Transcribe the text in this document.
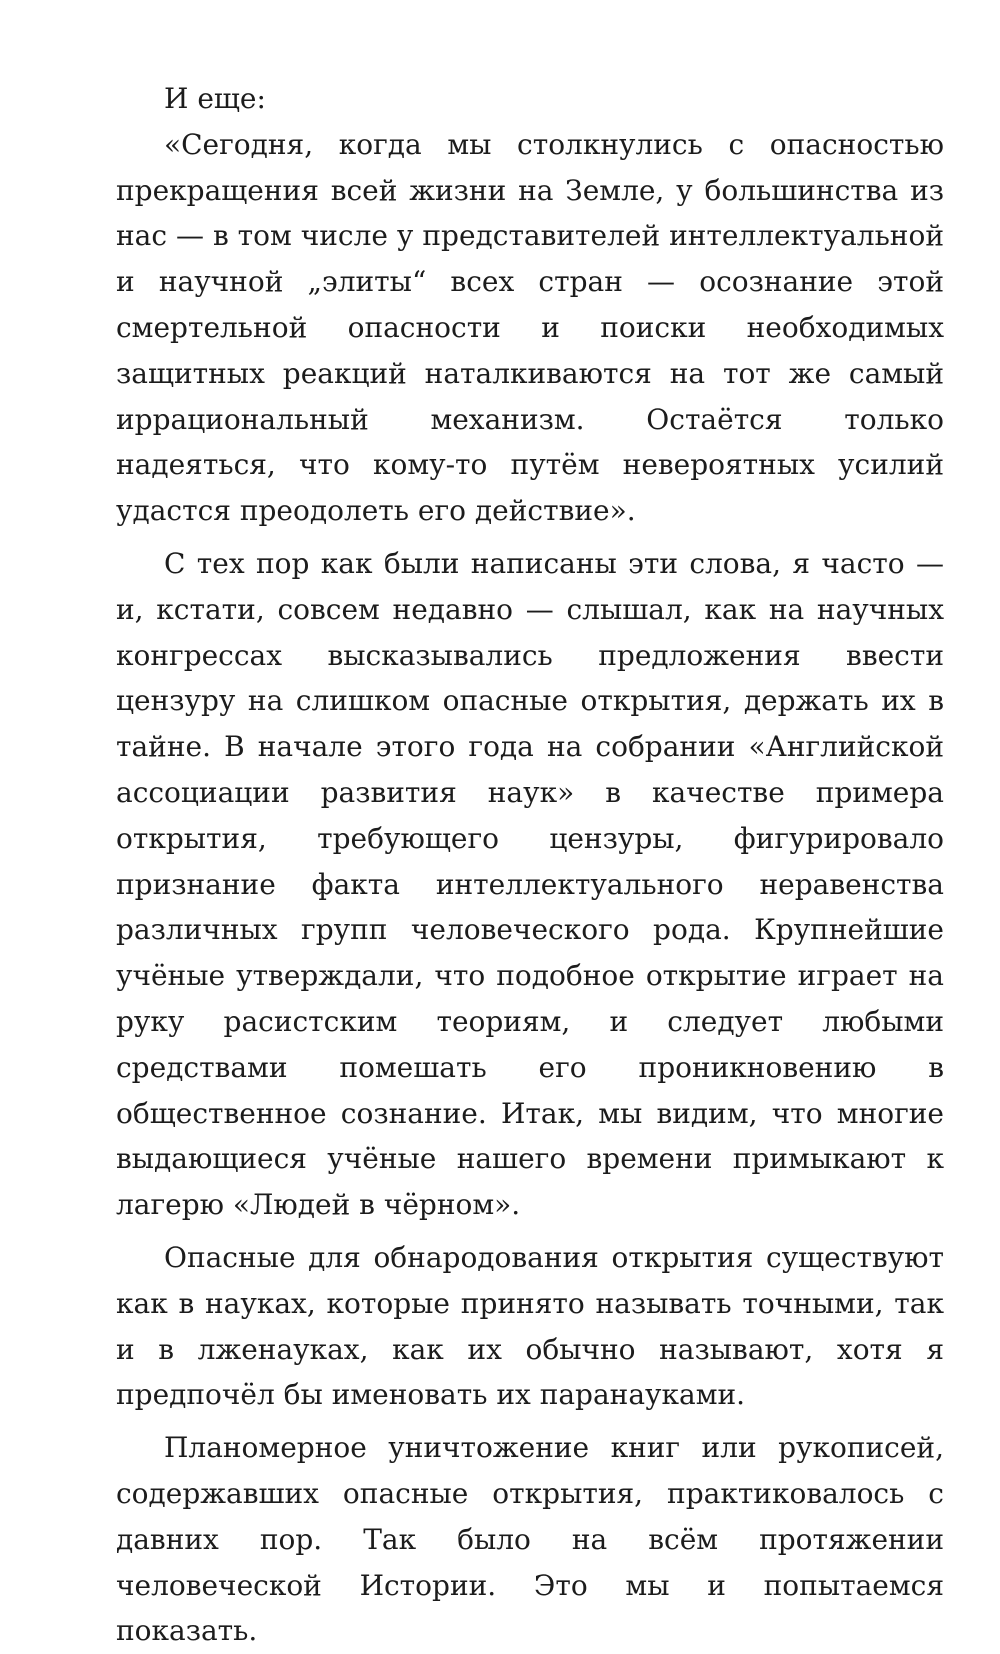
И еще:

«Сегодня, когда мы столкнулись с опасностью прекращения всей жизни на Земле, у большинства из нас — в том числе у представителей интеллектуальной и научной „элиты“ всех стран — осознание этой смертельной опасности и поиски необходимых защитных реакций наталкиваются на тот же самый иррациональный механизм. Остаётся только надеяться, что кому-то путём невероятных усилий удастся преодолеть его действие».

С тех пор как были написаны эти слова, я часто — и, кстати, совсем недавно — слышал, как на научных конгрессах высказывались предложения ввести цензуру на слишком опасные открытия, держать их в тайне. В начале этого года на собрании «Английской ассоциации развития наук» в качестве примера открытия, требующего цензуры, фигурировало признание факта интеллектуального неравенства различных групп человеческого рода. Крупнейшие учёные утверждали, что подобное открытие играет на руку расистским теориям, и следует любыми средствами помешать его проникновению в общественное сознание. Итак, мы видим, что многие выдающиеся учёные нашего времени примыкают к лагерю «Людей в чёрном».

Опасные для обнародования открытия существуют как в науках, которые принято называть точными, так и в лженауках, как их обычно называют, хотя я предпочёл бы именовать их паранауками.

Планомерное уничтожение книг или рукописей, содержавших опасные открытия, практиковалось с давних пор. Так было на всём протяжении человеческой Истории. Это мы и попытаемся показать.
